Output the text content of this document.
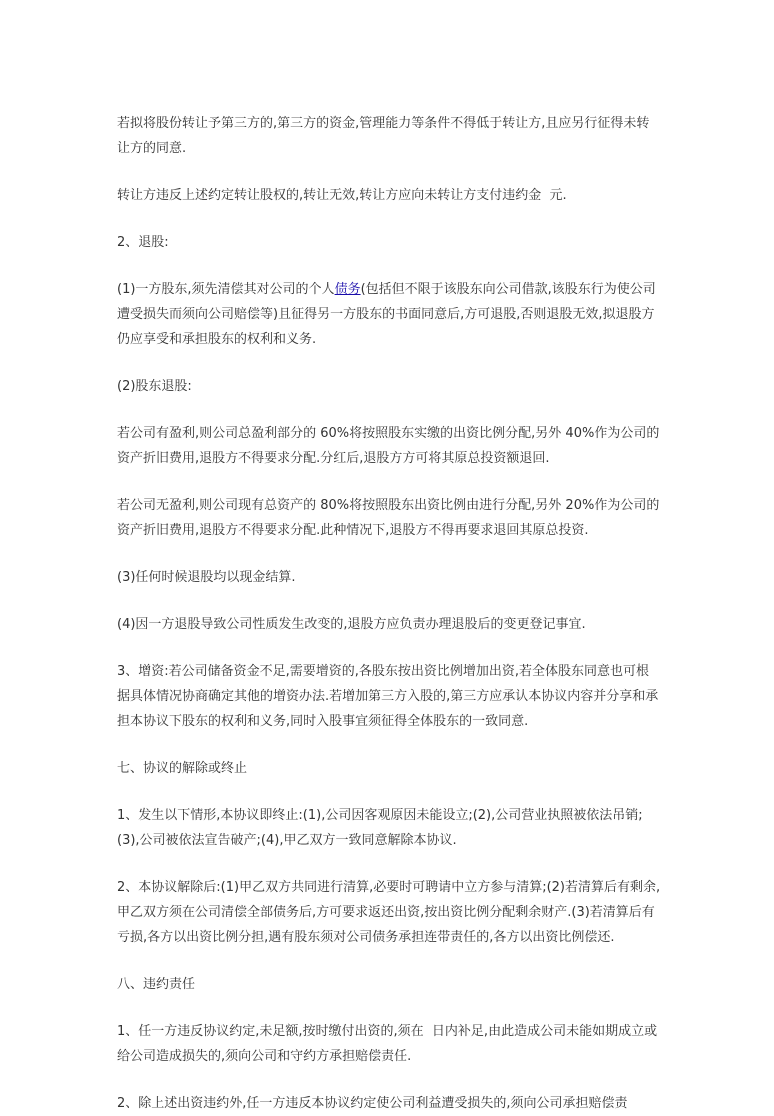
若拟将股份转让予第三方的,第三方的资金,管理能力等条件不得低于转让方,且应另行征得未转让方的同意.

转让方违反上述约定转让股权的,转让无效,转让方应向未转让方支付违约金  元.

2、退股:

(1)一方股东,须先清偿其对公司的个人债务(包括但不限于该股东向公司借款,该股东行为使公司遭受损失而须向公司赔偿等)且征得另一方股东的书面同意后,方可退股,否则退股无效,拟退股方仍应享受和承担股东的权利和义务.

(2)股东退股:

若公司有盈利,则公司总盈利部分的 60%将按照股东实缴的出资比例分配,另外 40%作为公司的资产折旧费用,退股方不得要求分配.分红后,退股方方可将其原总投资额退回.

若公司无盈利,则公司现有总资产的 80%将按照股东出资比例由进行分配,另外 20%作为公司的资产折旧费用,退股方不得要求分配.此种情况下,退股方不得再要求退回其原总投资.

(3)任何时候退股均以现金结算.

(4)因一方退股导致公司性质发生改变的,退股方应负责办理退股后的变更登记事宜.

3、增资:若公司储备资金不足,需要增资的,各股东按出资比例增加出资,若全体股东同意也可根据具体情况协商确定其他的增资办法.若增加第三方入股的,第三方应承认本协议内容并分享和承担本协议下股东的权利和义务,同时入股事宜须征得全体股东的一致同意.

七、协议的解除或终止

1、发生以下情形,本协议即终止:(1),公司因客观原因未能设立;(2),公司营业执照被依法吊销;(3),公司被依法宣告破产;(4),甲乙双方一致同意解除本协议.

2、本协议解除后:(1)甲乙双方共同进行清算,必要时可聘请中立方参与清算;(2)若清算后有剩余,甲乙双方须在公司清偿全部债务后,方可要求返还出资,按出资比例分配剩余财产.(3)若清算后有亏损,各方以出资比例分担,遇有股东须对公司债务承担连带责任的,各方以出资比例偿还.

八、违约责任

1、任一方违反协议约定,未足额,按时缴付出资的,须在  日内补足,由此造成公司未能如期成立或给公司造成损失的,须向公司和守约方承担赔偿责任.

2、除上述出资违约外,任一方违反本协议约定使公司利益遭受损失的,须向公司承担赔偿责
